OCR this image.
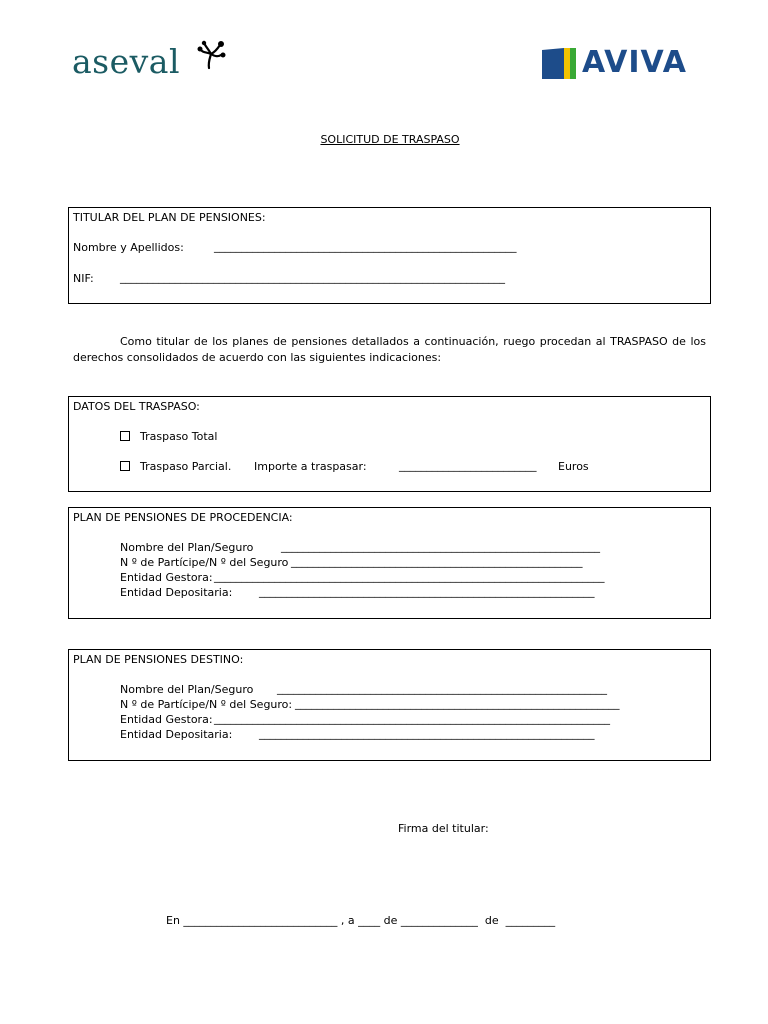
aseval	AVIVA
SOLICITUD DE TRASPASO
TITULAR DEL PLAN DE PENSIONES:
Nombre y Apellidos:	_______________________________________________________
NIF: ______________________________________________________________________
Como titular de los planes de pensiones detallados a continuación, ruego procedan al TRASPASO de los derechos consolidados de acuerdo con las siguientes indicaciones:
DATOS DEL TRASPASO:
Traspaso Total
Traspaso Parcial. Importe a traspasar:	_________________________ Euros
PLAN DE PENSIONES DE PROCEDENCIA:
Nombre del Plan/Seguro	__________________________________________________________
N º de Partícipe/N º del Seguro _____________________________________________________
Entidad Gestora: _______________________________________________________________________
Entidad Depositaria: _____________________________________________________________
PLAN DE PENSIONES DESTINO:
Nombre del Plan/Seguro ____________________________________________________________
N º de Partícipe/N º del Seguro: ___________________________________________________________
Entidad Gestora: ________________________________________________________________________
Entidad Depositaria: _____________________________________________________________
Firma del titular:
En ____________________________ , a ____ de ______________ de _________
